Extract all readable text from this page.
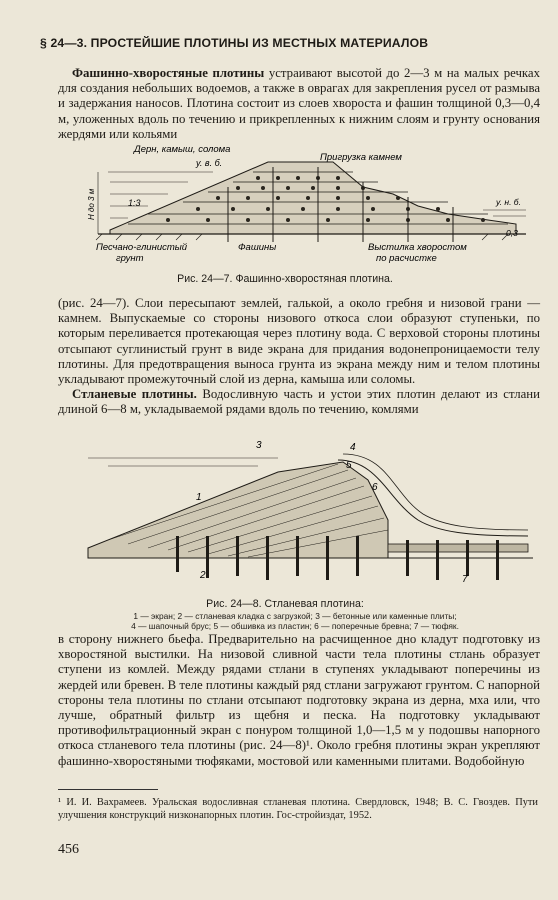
§ 24—3. ПРОСТЕЙШИЕ ПЛОТИНЫ ИЗ МЕСТНЫХ МАТЕРИАЛОВ
Фашинно-хворостяные плотины устраивают высотой до 2—3 м на малых речках для создания небольших водоемов, а также в оврагах для закрепления русел от размыва и задержания наносов. Плотина состоит из слоев хвороста и фашин толщиной 0,3—0,4 м, уложенных вдоль по течению и прикрепленных к нижним слоям и грунту основания жердями или кольями
Дерн, камыш, солома
у. в. б.	Пригрузка камнем
у. н. б.
Н до 3 м	1:3
0,3
Песчано-глинистый
грунт
Фашины	Выстилка хворостом
по расчистке
Рис. 24—7. Фашинно-хворостяная плотина.
(рис. 24—7). Слои пересыпают землей, галькой, а около гребня и низовой грани — камнем. Выпускаемые со стороны низового откоса слои образуют ступеньки, по которым переливается протекающая через плотину вода. С верховой стороны плотины отсыпают суглинистый грунт в виде экрана для придания водонепроницаемости телу плотины. Для предотвращения выноса грунта из экрана между ним и телом плотины укладывают промежуточный слой из дерна, камыша или соломы.
Стланевые плотины. Водосливную часть и устои этих плотин делают из стлани длиной 6—8 м, укладываемой рядами вдоль по течению, комлями
1
2
3	4
5
6
7
Рис. 24—8. Стланевая плотина:
1 — экран; 2 — стланевая кладка с загрузкой; 3 — бетонные или каменные плиты;
4 — шапочный брус; 5 — обшивка из пластин; 6 — поперечные бревна; 7 — тюфяк.
в сторону нижнего бьефа. Предварительно на расчищенное дно кладут подготовку из хворостяной выстилки. На низовой сливной части тела плотины стлань образует ступени из комлей. Между рядами стлани в ступенях укладывают поперечины из жердей или бревен. В теле плотины каждый ряд стлани загружают грунтом. С напорной стороны тела плотины по стлани отсыпают подготовку экрана из дерна, мха или, что лучше, обратный фильтр из щебня и песка. На подготовку укладывают противофильтрационный экран с понуром толщиной 1,0—1,5 м у подошвы напорного откоса стланевого тела плотины (рис. 24—8)¹. Около гребня плотины экран укрепляют фашинно-хворостяными тюфяками, мостовой или каменными плитами. Водобойную
¹ И. И. Вахрамеев. Уральская водосливная стланевая плотина. Свердловск, 1948; В. С. Гвоздев. Пути улучшения конструкций низконапорных плотин. Гос-стройиздат, 1952.
456
